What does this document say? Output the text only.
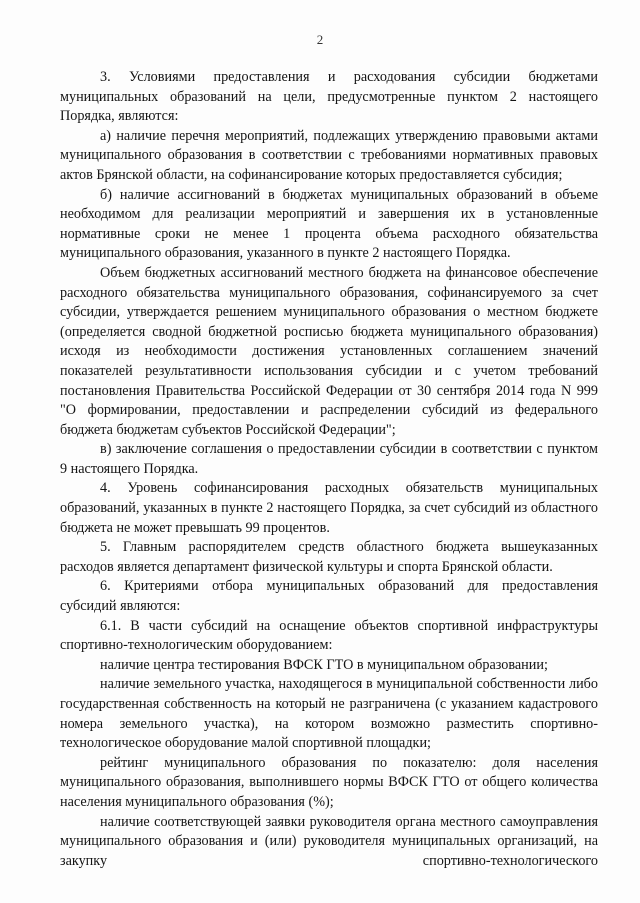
2

3. Условиями предоставления и расходования субсидии бюджетами муниципальных образований на цели, предусмотренные пунктом 2 настоящего Порядка, являются:

а) наличие перечня мероприятий, подлежащих утверждению правовыми актами муниципального образования в соответствии с требованиями нормативных правовых актов Брянской области, на софинансирование которых предоставляется субсидия;

б) наличие ассигнований в бюджетах муниципальных образований в объеме необходимом для реализации мероприятий и завершения их в установленные нормативные сроки не менее 1 процента объема расходного обязательства муниципального образования, указанного в пункте 2 настоящего Порядка.

Объем бюджетных ассигнований местного бюджета на финансовое обеспечение расходного обязательства муниципального образования, софинансируемого за счет субсидии, утверждается решением муниципального образования о местном бюджете (определяется сводной бюджетной росписью бюджета муниципального образования) исходя из необходимости достижения установленных соглашением значений показателей результативности использования субсидии и с учетом требований постановления Правительства Российской Федерации от 30 сентября 2014 года N 999 "О формировании, предоставлении и распределении субсидий из федерального бюджета бюджетам субъектов Российской Федерации";

в) заключение соглашения о предоставлении субсидии в соответствии с пунктом 9 настоящего Порядка.

4. Уровень софинансирования расходных обязательств муниципальных образований, указанных в пункте 2 настоящего Порядка, за счет субсидий из областного бюджета не может превышать 99 процентов.

5. Главным распорядителем средств областного бюджета вышеуказанных расходов является департамент физической культуры и спорта Брянской области.

6. Критериями отбора муниципальных образований для предоставления субсидий являются:

6.1. В части субсидий на оснащение объектов спортивной инфраструктуры спортивно-технологическим оборудованием:

наличие центра тестирования ВФСК ГТО в муниципальном образовании;

наличие земельного участка, находящегося в муниципальной собственности либо государственная собственность на который не разграничена (с указанием кадастрового номера земельного участка), на котором возможно разместить спортивно-технологическое оборудование малой спортивной площадки;

рейтинг муниципального образования по показателю: доля населения муниципального образования, выполнившего нормы ВФСК ГТО от общего количества населения муниципального образования (%);

наличие соответствующей заявки руководителя органа местного самоуправления муниципального образования и (или) руководителя муниципальных организаций, на закупку спортивно-технологического
